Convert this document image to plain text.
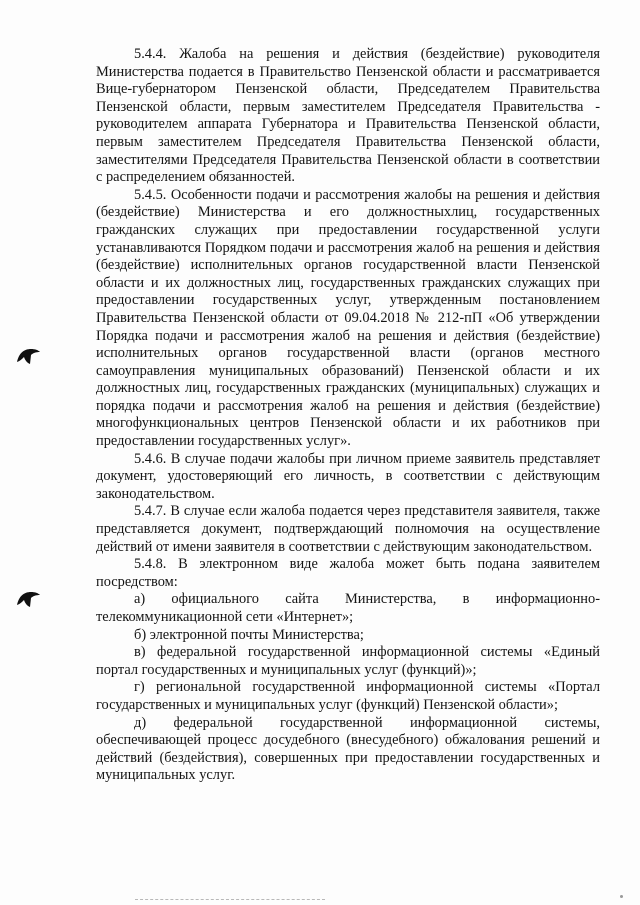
5.4.4. Жалоба на решения и действия (бездействие) руководителя Министерства подается в Правительство Пензенской области и рассматривается Вице-губернатором Пензенской области, Председателем Правительства Пензенской области, первым заместителем Председателя Правительства - руководителем аппарата Губернатора и Правительства Пензенской области, первым заместителем Председателя Правительства Пензенской области, заместителями Председателя Правительства Пензенской области в соответствии с распределением обязанностей.

5.4.5. Особенности подачи и рассмотрения жалобы на решения и действия (бездействие) Министерства и его должностныхлиц, государственных гражданских служащих при предоставлении государственной услуги устанавливаются Порядком подачи и рассмотрения жалоб на решения и действия (бездействие) исполнительных органов государственной власти Пензенской области и их должностных лиц, государственных гражданских служащих при предоставлении государственных услуг, утвержденным постановлением Правительства Пензенской области от 09.04.2018 № 212-пП «Об утверждении Порядка подачи и рассмотрения жалоб на решения и действия (бездействие) исполнительных органов государственной власти (органов местного самоуправления муниципальных образований) Пензенской области и их должностных лиц, государственных гражданских (муниципальных) служащих и порядка подачи и рассмотрения жалоб на решения и действия (бездействие) многофункциональных центров Пензенской области и их работников при предоставлении государственных услуг».

5.4.6. В случае подачи жалобы при личном приеме заявитель представляет документ, удостоверяющий его личность, в соответствии с действующим законодательством.

5.4.7. В случае если жалоба подается через представителя заявителя, также представляется документ, подтверждающий полномочия на осуществление действий от имени заявителя в соответствии с действующим законодательством.

5.4.8. В электронном виде жалоба может быть подана заявителем посредством:

а) официального сайта Министерства, в информационно-телекоммуникационной сети «Интернет»;

б) электронной почты Министерства;

в) федеральной государственной информационной системы «Единый портал государственных и муниципальных услуг (функций)»;

г) региональной государственной информационной системы «Портал государственных и муниципальных услуг (функций) Пензенской области»;

д) федеральной государственной информационной системы, обеспечивающей процесс досудебного (внесудебного) обжалования решений и действий (бездействия), совершенных при предоставлении государственных и муниципальных услуг.
